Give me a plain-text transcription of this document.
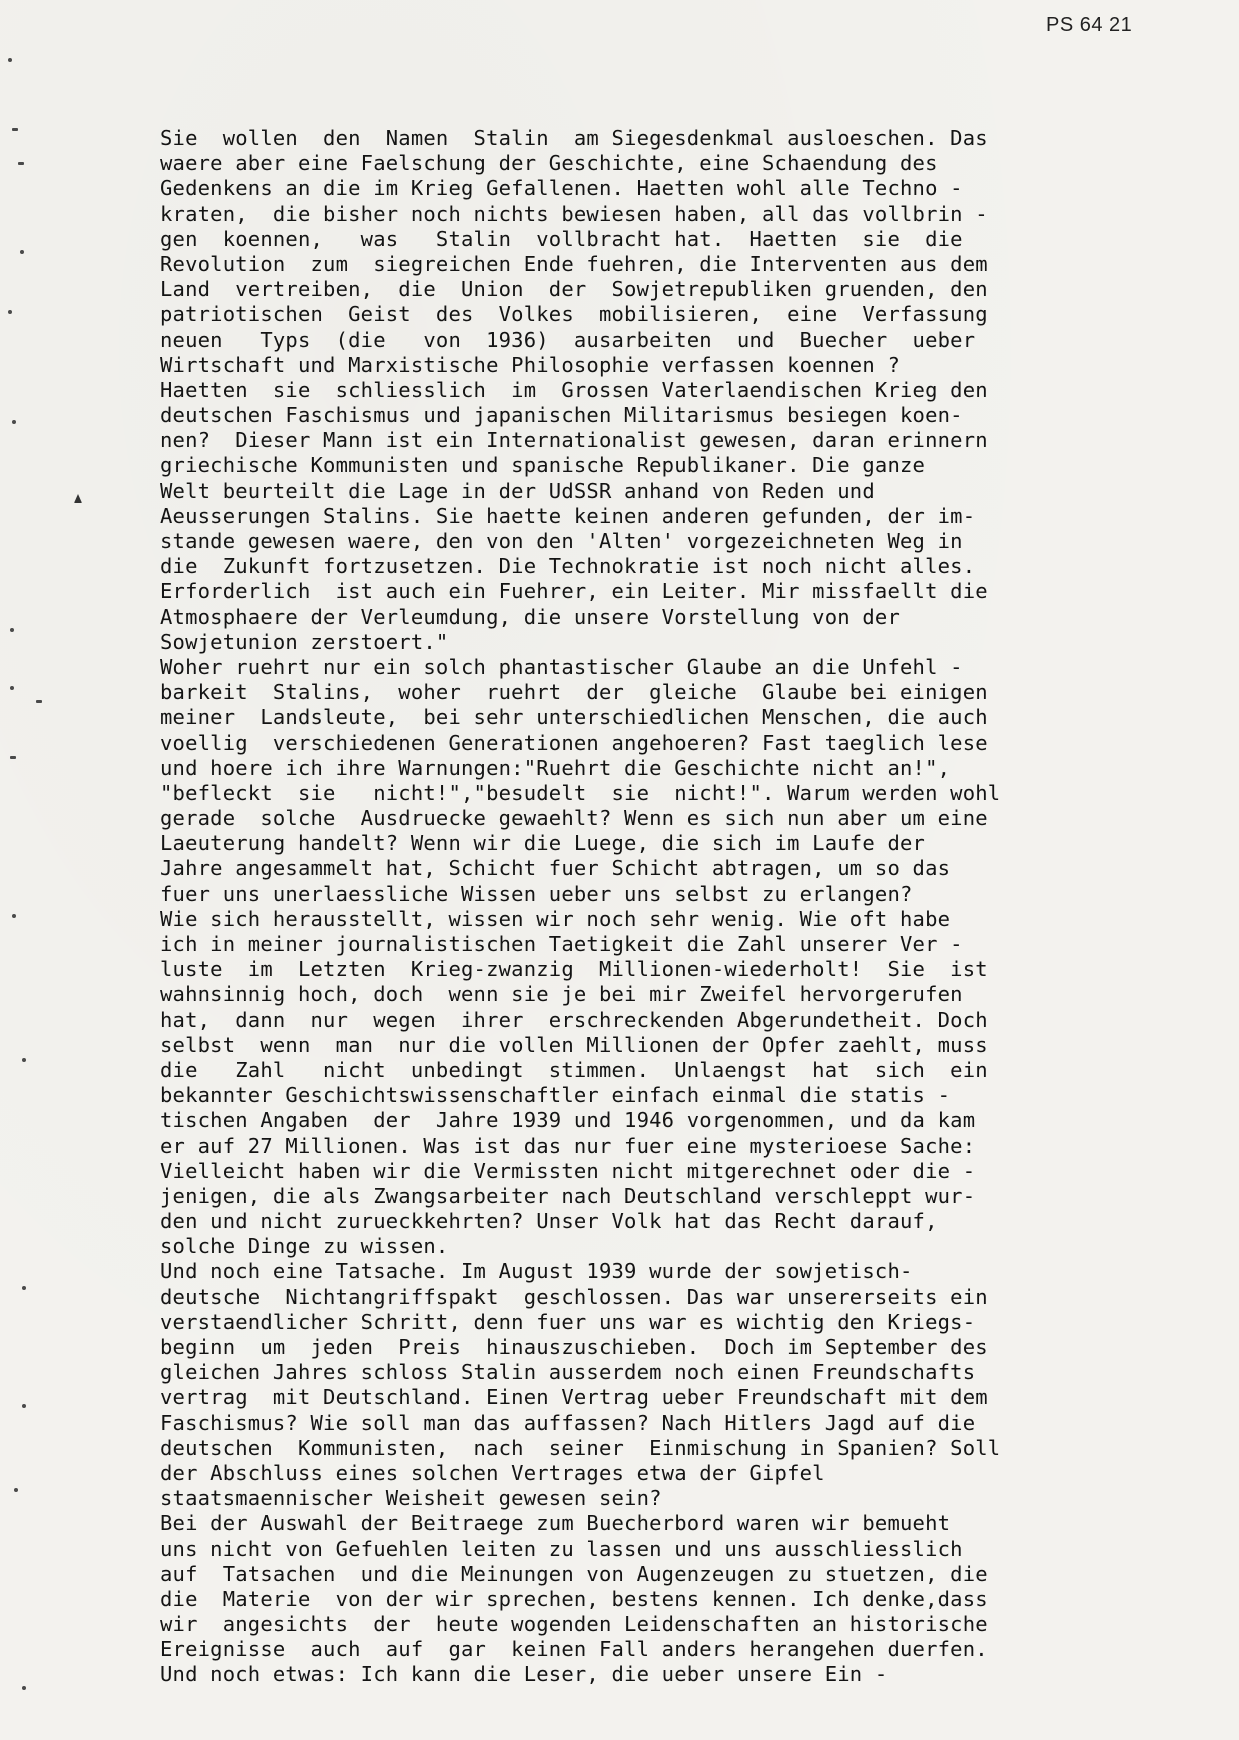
PS 64 21
Sie  wollen  den  Namen  Stalin  am Siegesdenkmal ausloeschen. Das
waere aber eine Faelschung der Geschichte, eine Schaendung des
Gedenkens an die im Krieg Gefallenen. Haetten wohl alle Techno -
kraten,  die bisher noch nichts bewiesen haben, all das vollbrin -
gen  koennen,   was   Stalin  vollbracht hat.  Haetten  sie  die
Revolution  zum  siegreichen Ende fuehren, die Interventen aus dem
Land  vertreiben,  die  Union  der  Sowjetrepubliken gruenden, den
patriotischen  Geist  des  Volkes  mobilisieren,  eine  Verfassung
neuen   Typs  (die   von  1936)  ausarbeiten  und  Buecher  ueber
Wirtschaft und Marxistische Philosophie verfassen koennen ?
Haetten  sie  schliesslich  im  Grossen Vaterlaendischen Krieg den
deutschen Faschismus und japanischen Militarismus besiegen koen-
nen?  Dieser Mann ist ein Internationalist gewesen, daran erinnern
griechische Kommunisten und spanische Republikaner. Die ganze
Welt beurteilt die Lage in der UdSSR anhand von Reden und
Aeusserungen Stalins. Sie haette keinen anderen gefunden, der im-
stande gewesen waere, den von den 'Alten' vorgezeichneten Weg in
die  Zukunft fortzusetzen. Die Technokratie ist noch nicht alles.
Erforderlich  ist auch ein Fuehrer, ein Leiter. Mir missfaellt die
Atmosphaere der Verleumdung, die unsere Vorstellung von der
Sowjetunion zerstoert."
Woher ruehrt nur ein solch phantastischer Glaube an die Unfehl -
barkeit  Stalins,  woher  ruehrt  der  gleiche  Glaube bei einigen
meiner  Landsleute,  bei sehr unterschiedlichen Menschen, die auch
voellig  verschiedenen Generationen angehoeren? Fast taeglich lese
und hoere ich ihre Warnungen:"Ruehrt die Geschichte nicht an!",
"befleckt  sie   nicht!","besudelt  sie  nicht!". Warum werden wohl
gerade  solche  Ausdruecke gewaehlt? Wenn es sich nun aber um eine
Laeuterung handelt? Wenn wir die Luege, die sich im Laufe der
Jahre angesammelt hat, Schicht fuer Schicht abtragen, um so das
fuer uns unerlaessliche Wissen ueber uns selbst zu erlangen?
Wie sich herausstellt, wissen wir noch sehr wenig. Wie oft habe
ich in meiner journalistischen Taetigkeit die Zahl unserer Ver -
luste  im  Letzten  Krieg-zwanzig  Millionen-wiederholt!  Sie  ist
wahnsinnig hoch, doch  wenn sie je bei mir Zweifel hervorgerufen
hat,  dann  nur  wegen  ihrer  erschreckenden Abgerundetheit. Doch
selbst  wenn  man  nur die vollen Millionen der Opfer zaehlt, muss
die   Zahl   nicht  unbedingt  stimmen.  Unlaengst  hat  sich  ein
bekannter Geschichtswissenschaftler einfach einmal die statis -
tischen Angaben  der  Jahre 1939 und 1946 vorgenommen, und da kam
er auf 27 Millionen. Was ist das nur fuer eine mysterioese Sache:
Vielleicht haben wir die Vermissten nicht mitgerechnet oder die -
jenigen, die als Zwangsarbeiter nach Deutschland verschleppt wur-
den und nicht zurueckkehrten? Unser Volk hat das Recht darauf,
solche Dinge zu wissen.
Und noch eine Tatsache. Im August 1939 wurde der sowjetisch-
deutsche  Nichtangriffspakt  geschlossen. Das war unsererseits ein
verstaendlicher Schritt, denn fuer uns war es wichtig den Kriegs-
beginn  um  jeden  Preis  hinauszuschieben.  Doch im September des
gleichen Jahres schloss Stalin ausserdem noch einen Freundschafts
vertrag  mit Deutschland. Einen Vertrag ueber Freundschaft mit dem
Faschismus? Wie soll man das auffassen? Nach Hitlers Jagd auf die
deutschen  Kommunisten,  nach  seiner  Einmischung in Spanien? Soll
der Abschluss eines solchen Vertrages etwa der Gipfel
staatsmaennischer Weisheit gewesen sein?
Bei der Auswahl der Beitraege zum Buecherbord waren wir bemueht
uns nicht von Gefuehlen leiten zu lassen und uns ausschliesslich
auf  Tatsachen  und die Meinungen von Augenzeugen zu stuetzen, die
die  Materie  von der wir sprechen, bestens kennen. Ich denke,dass
wir  angesichts  der  heute wogenden Leidenschaften an historische
Ereignisse  auch  auf  gar  keinen Fall anders herangehen duerfen.
Und noch etwas: Ich kann die Leser, die ueber unsere Ein -
